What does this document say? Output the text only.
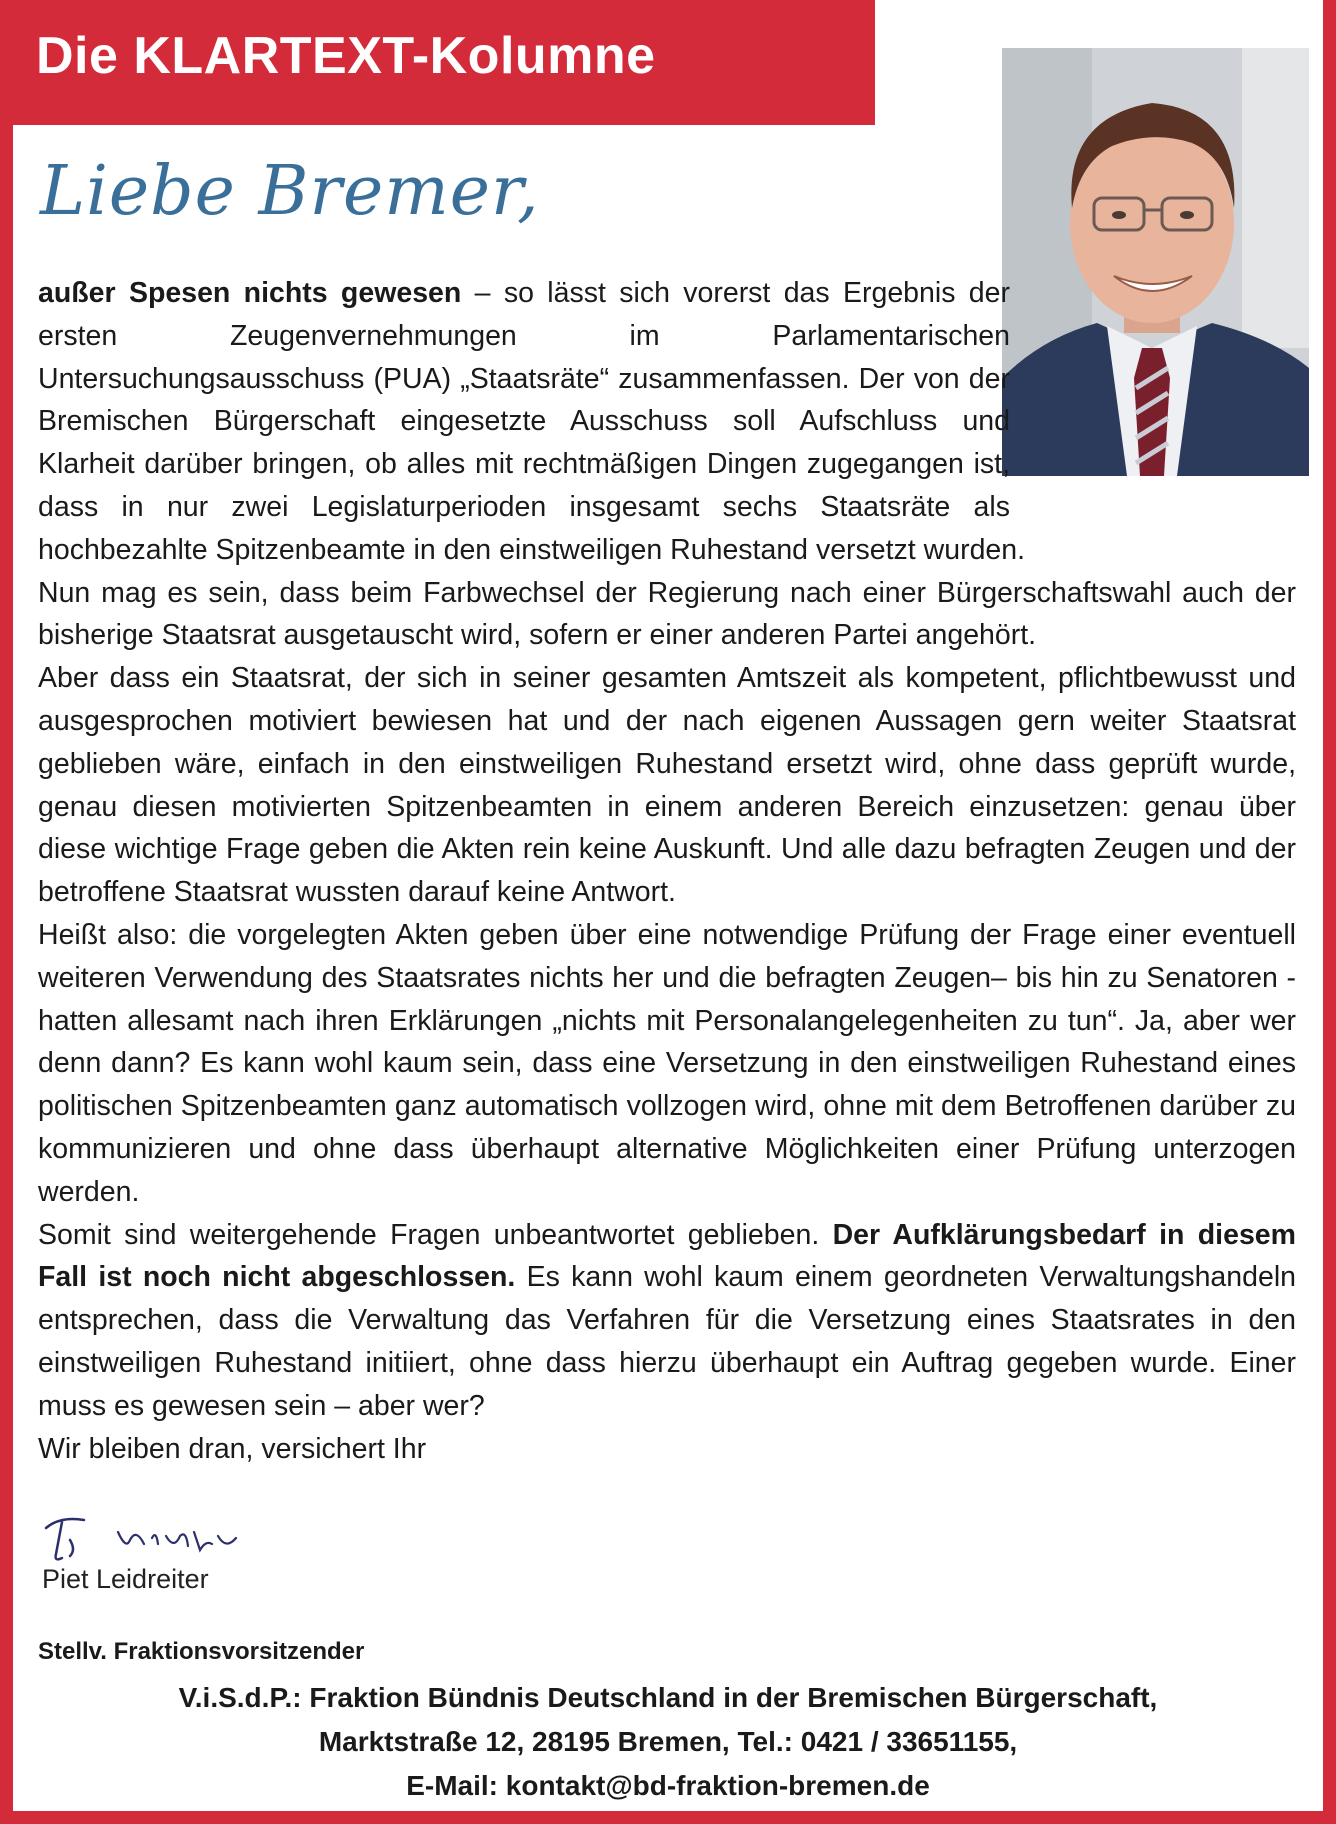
Die KLARTEXT-Kolumne
Liebe Bremer,

außer Spesen nichts gewesen – so lässt sich vorerst das Ergebnis der ersten Zeugenvernehmungen im Parlamentarischen Untersuchungsausschuss (PUA) „Staatsräte“ zusammenfassen. Der von der Bremischen Bürgerschaft eingesetzte Ausschuss soll Aufschluss und Klarheit darüber bringen, ob alles mit rechtmäßigen Dingen zugegangen ist, dass in nur zwei Legislaturperioden insgesamt sechs Staatsräte als hochbezahlte Spitzenbeamte in den einstweiligen Ruhestand versetzt wurden.

Nun mag es sein, dass beim Farbwechsel der Regierung nach einer Bürgerschaftswahl auch der bisherige Staatsrat ausgetauscht wird, sofern er einer anderen Partei angehört.

Aber dass ein Staatsrat, der sich in seiner gesamten Amtszeit als kompetent, pflichtbewusst und ausgesprochen motiviert bewiesen hat und der nach eigenen Aussagen gern weiter Staatsrat geblieben wäre, einfach in den einstweiligen Ruhestand ersetzt wird, ohne dass geprüft wurde, genau diesen motivierten Spitzenbeamten in einem anderen Bereich einzusetzen: genau über diese wichtige Frage geben die Akten rein keine Auskunft. Und alle dazu befragten Zeugen und der betroffene Staatsrat wussten darauf keine Antwort.

Heißt also: die vorgelegten Akten geben über eine notwendige Prüfung der Frage einer eventuell weiteren Verwendung des Staatsrates nichts her und die befragten Zeugen– bis hin zu Senatoren - hatten allesamt nach ihren Erklärungen „nichts mit Personalangelegenheiten zu tun“. Ja, aber wer denn dann? Es kann wohl kaum sein, dass eine Versetzung in den einstweiligen Ruhestand eines politischen Spitzenbeamten ganz automatisch vollzogen wird, ohne mit dem Betroffenen darüber zu kommunizieren und ohne dass überhaupt alternative Möglichkeiten einer Prüfung unterzogen werden.

Somit sind weitergehende Fragen unbeantwortet geblieben. Der Aufklärungsbedarf in diesem Fall ist noch nicht abgeschlossen. Es kann wohl kaum einem geordneten Verwaltungshandeln entsprechen, dass die Verwaltung das Verfahren für die Versetzung eines Staatsrates in den einstweiligen Ruhestand initiiert, ohne dass hierzu überhaupt ein Auftrag gegeben wurde. Einer muss es gewesen sein – aber wer?

Wir bleiben dran, versichert Ihr

Piet Leidreiter
Stellv. Fraktionsvorsitzender
V.i.S.d.P.: Fraktion Bündnis Deutschland in der Bremischen Bürgerschaft,
Marktstraße 12, 28195 Bremen, Tel.: 0421 / 33651155,
E-Mail: kontakt@bd-fraktion-bremen.de
